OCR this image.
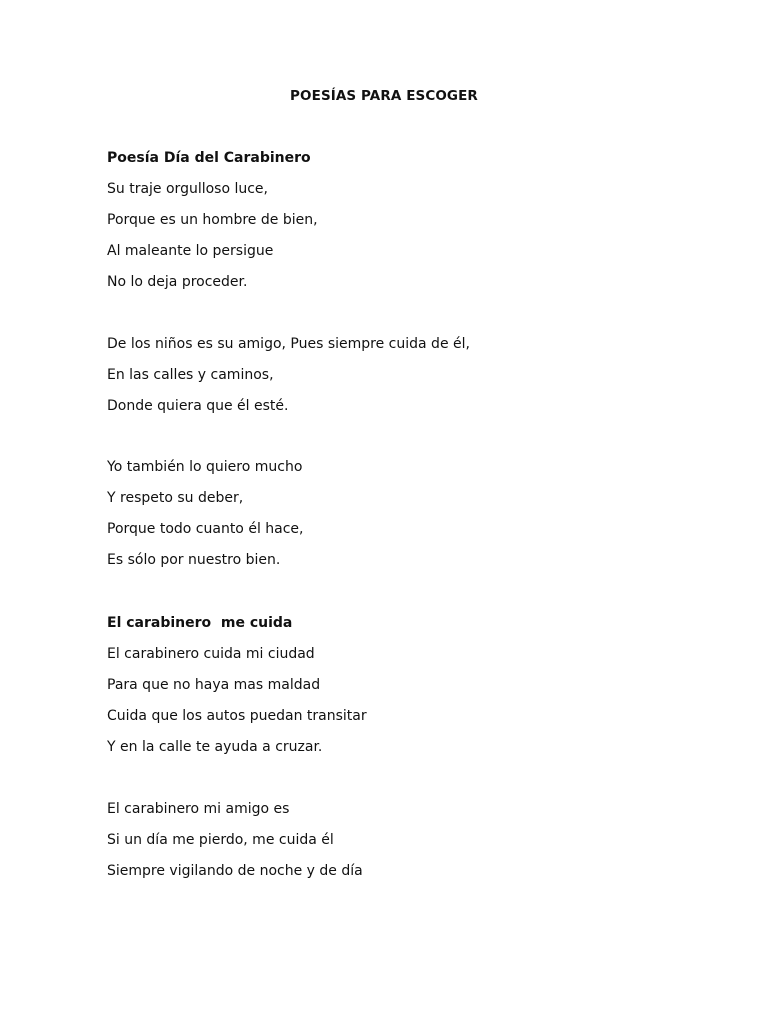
POESÍAS PARA ESCOGER
Poesía Día del Carabinero
Su traje orgulloso luce,
Porque es un hombre de bien,
Al maleante lo persigue
No lo deja proceder.
De los niños es su amigo, Pues siempre cuida de él,
En las calles y caminos,
Donde quiera que él esté.
Yo también lo quiero mucho
Y respeto su deber,
Porque todo cuanto él hace,
Es sólo por nuestro bien.
El carabinero  me cuida
El carabinero cuida mi ciudad
Para que no haya mas maldad
Cuida que los autos puedan transitar
Y en la calle te ayuda a cruzar.
El carabinero mi amigo es
Si un día me pierdo, me cuida él
Siempre vigilando de noche y de día
